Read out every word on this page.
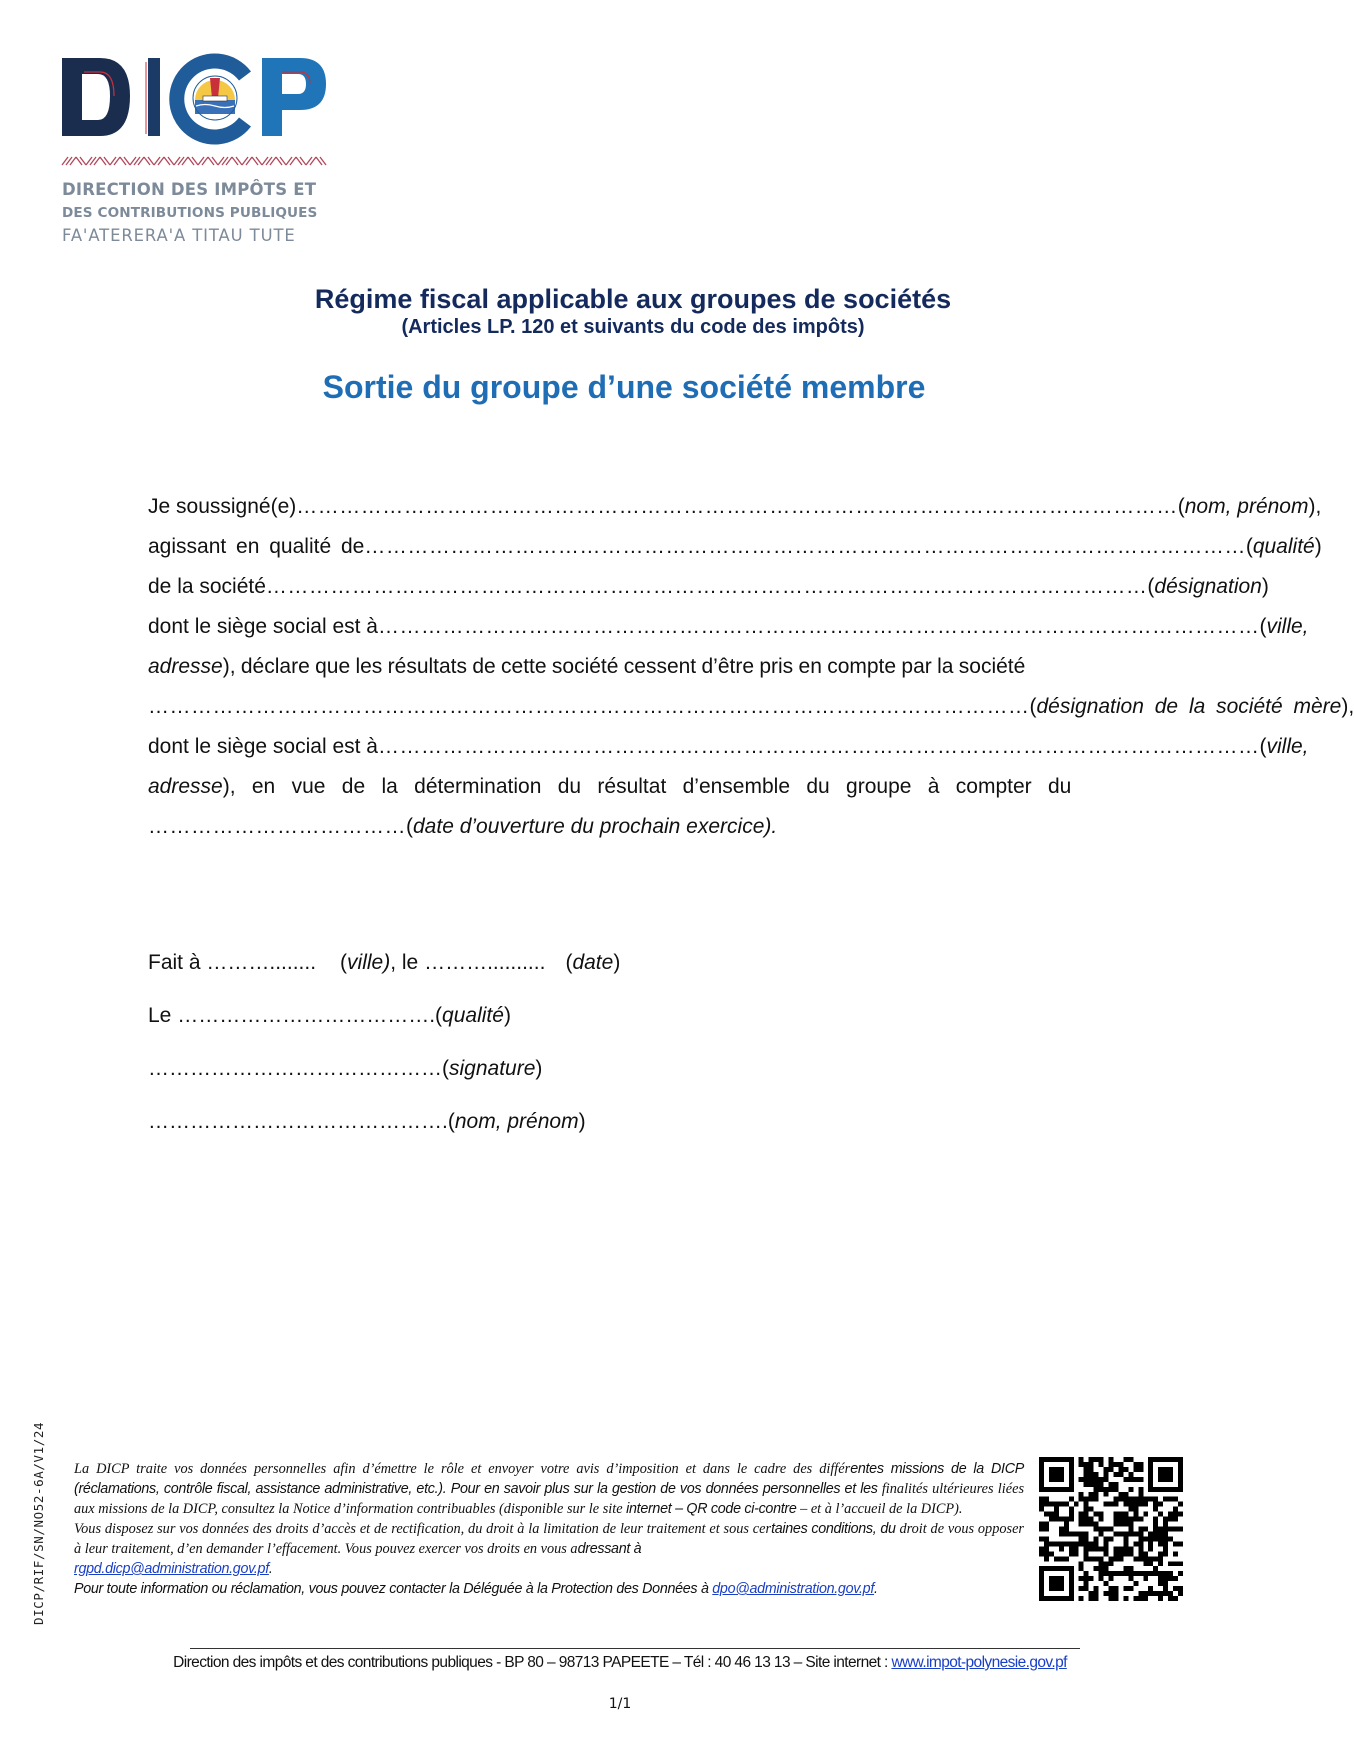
DIRECTION DES IMPÔTS ET
DES CONTRIBUTIONS PUBLIQUES
FA'ATERERA'A TITAU TUTE
Régime fiscal applicable aux groupes de sociétés
(Articles LP. 120 et suivants du code des impôts)
Sortie du groupe d’une société membre
Je soussigné(e) …………………………………………………………………………………………………………… ( nom, prénom ),
agissant en qualité de …………………………………………………………………………………………………………… ( qualité )
de la société …………………………………………………………………………………………………………… ( désignation )
dont le siège social est à …………………………………………………………………………………………………………… ( ville,
adresse ), déclare que les résultats de cette société cessent d’être pris en compte par la société
…………………………………………………………………………………………………………… ( désignation de la société mère ),
dont le siège social est à …………………………………………………………………………………………………………… ( ville,
adresse ), en vue de la détermination du résultat d’ensemble du groupe à compter du
……………………………… ( date d’ouverture du prochain exercice).
Fait à ………........ (ville), le ……….......... (date)
Le ……………………………….(qualité)
……………………………………(signature)
…………………………………….(nom, prénom)
DICP/RIF/SN/NO52-6A/V1/24 La DICP traite vos données personnelles afin d’émettre le rôle et envoyer votre avis d’imposition et dans le cadre des différentes missions de la DICP (réclamations, contrôle fiscal, assistance administrative, etc.). Pour en savoir plus sur la gestion de vos données personnelles et les finalités ultérieures liées aux missions de la DICP, consultez la Notice d’information contribuables (disponible sur le site internet – QR code ci-contre – et à l’accueil de la DICP).

Vous disposez sur vos données des droits d’accès et de rectification, du droit à la limitation de leur traitement et sous certaines conditions, du droit de vous opposer à leur traitement, d’en demander l’effacement. Vous pouvez exercer vos droits en vous adressant à
rgpd.dicp@administration.gov.pf.

Pour toute information ou réclamation, vous pouvez contacter la Déléguée à la Protection des Données à dpo@administration.gov.pf.

Direction des impôts et des contributions publiques - BP 80 – 98713 PAPEETE – Tél : 40 46 13 13 – Site internet : www.impot-polynesie.gov.pf
1/1
